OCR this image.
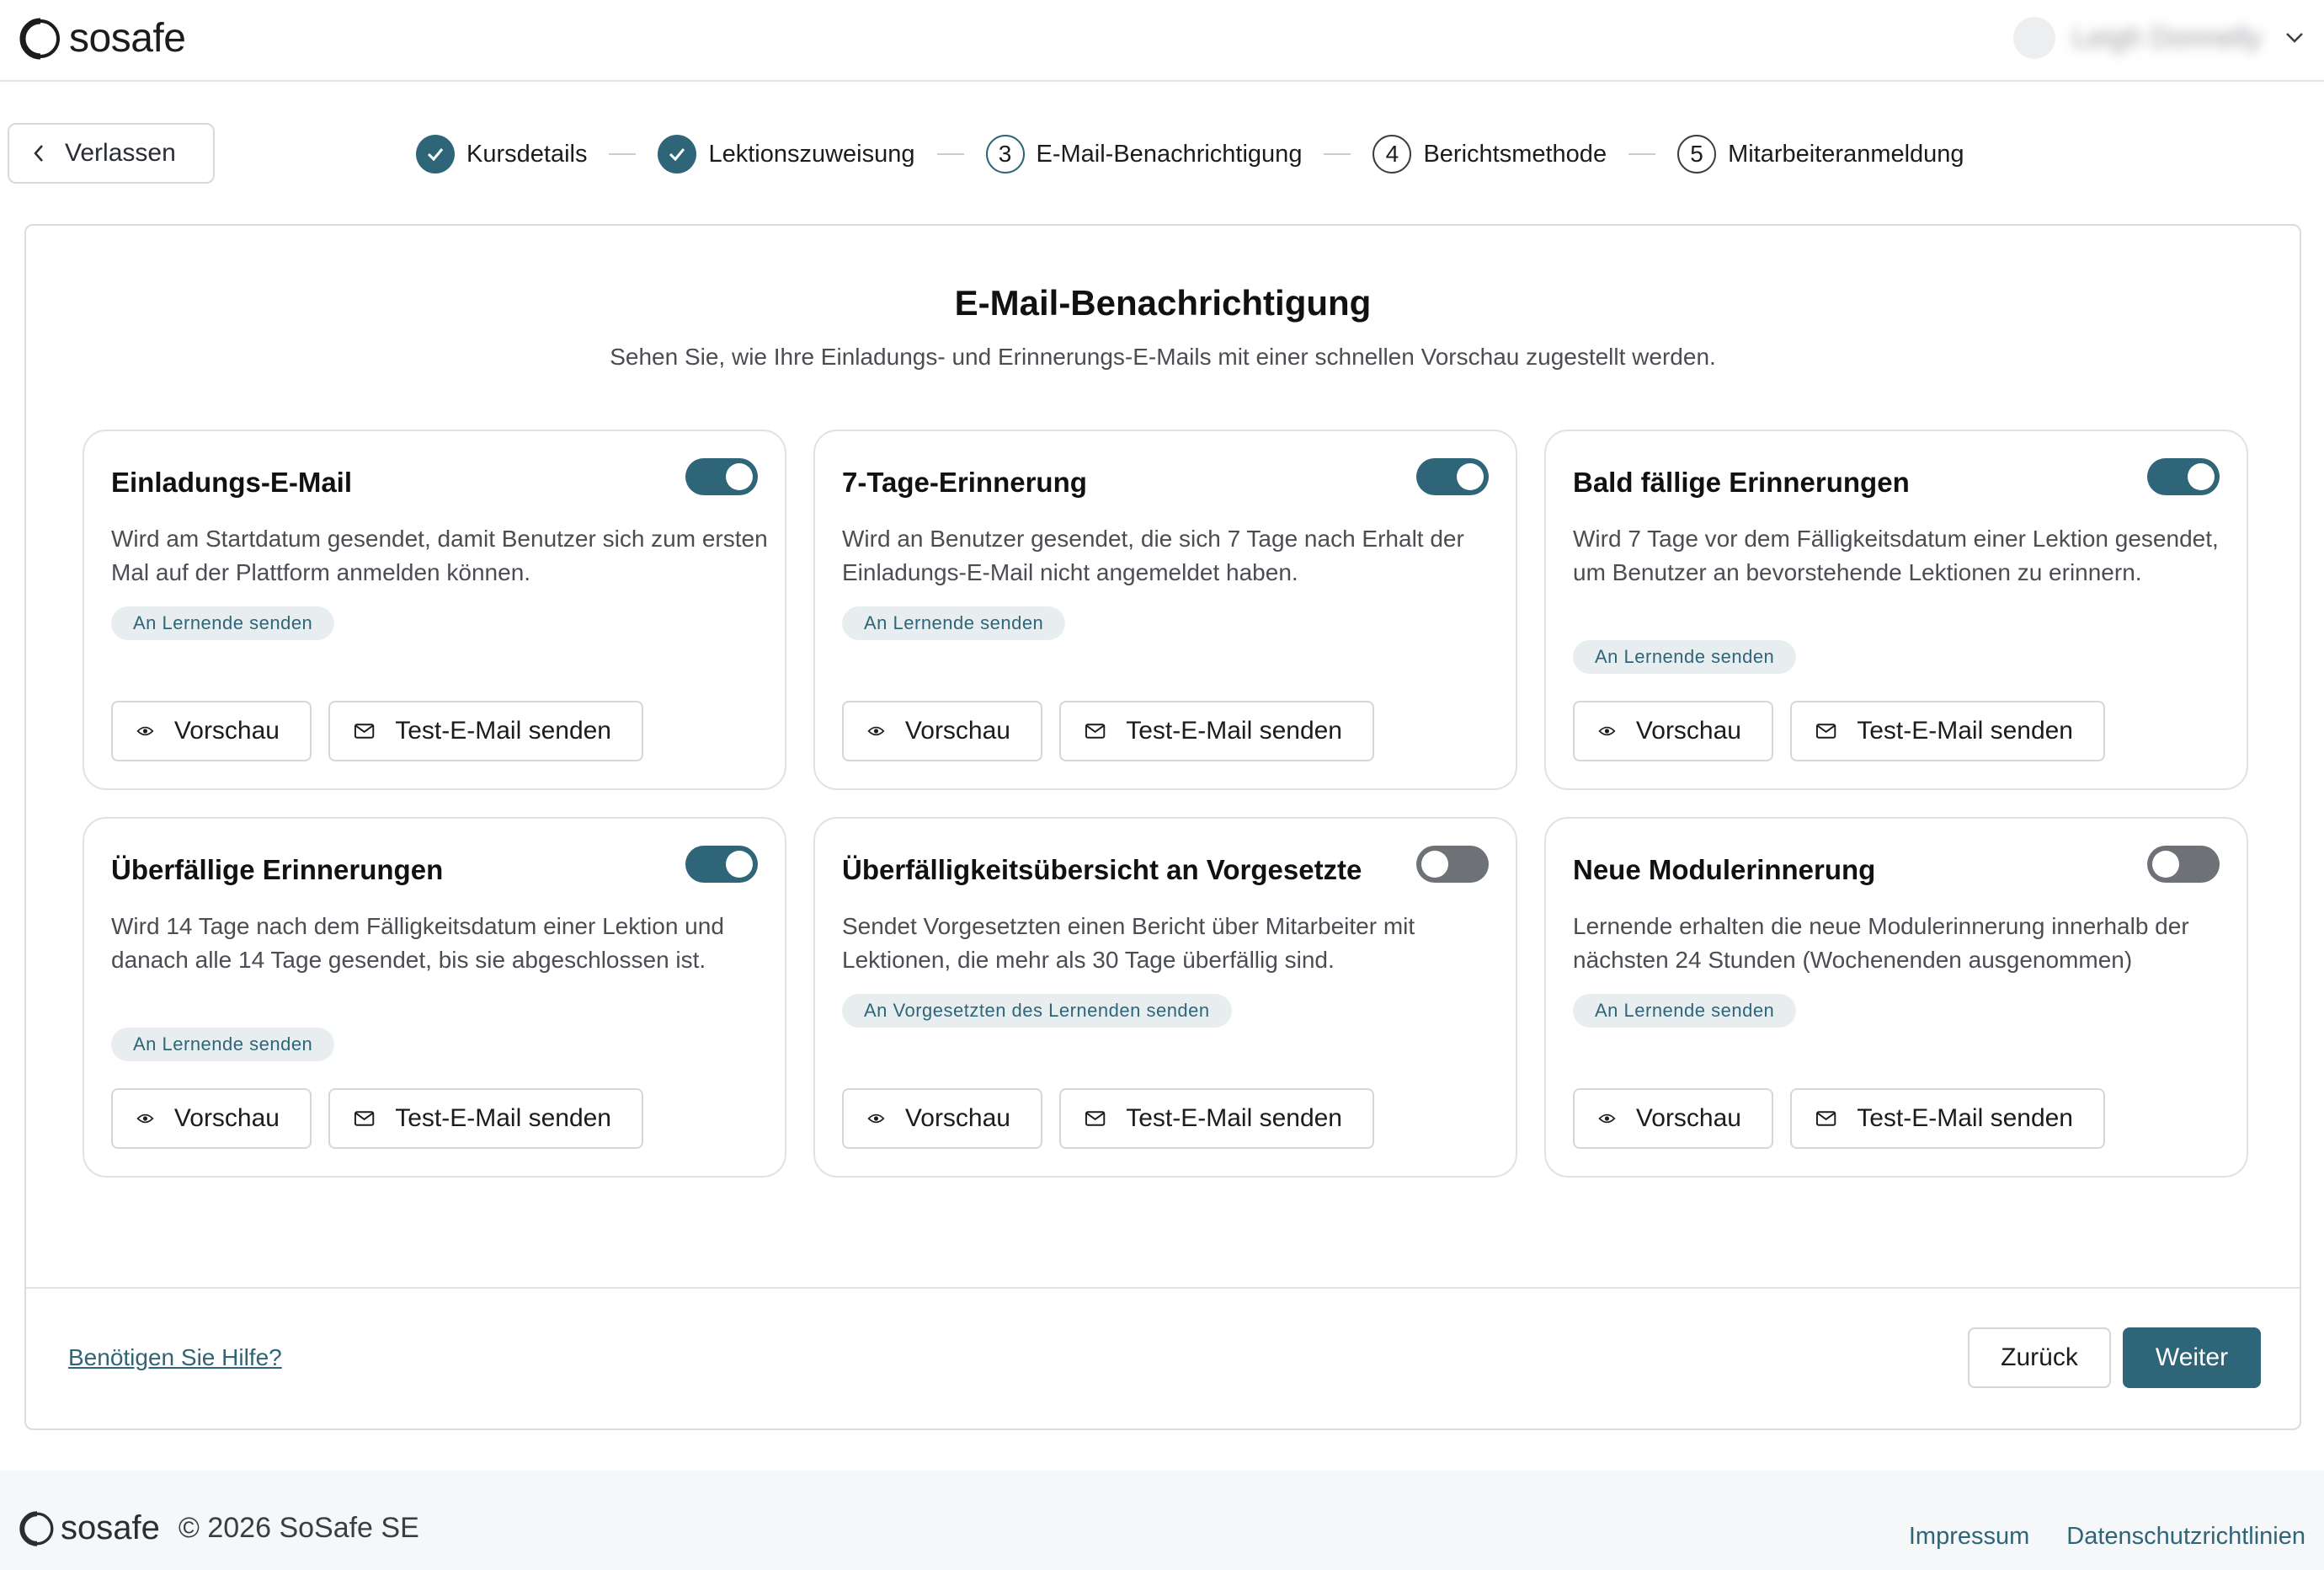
sosafe	Leigh Donnelly
Verlassen	Kursdetails	Lektionszuweisung	3	E-Mail-Benachrichtigung	4	Berichtsmethode	5	Mitarbeiteranmeldung
E-Mail-Benachrichtigung
Sehen Sie, wie Ihre Einladungs- und Erinnerungs-E-Mails mit einer schnellen Vorschau zugestellt werden.
Einladungs-E-Mail
Wird am Startdatum gesendet, damit Benutzer sich zum ersten Mal auf der Plattform anmelden können.
An Lernende senden
Vorschau	Test-E-Mail senden
7-Tage-Erinnerung
Wird an Benutzer gesendet, die sich 7 Tage nach Erhalt der Einladungs-E-Mail nicht angemeldet haben.
An Lernende senden
Vorschau	Test-E-Mail senden
Bald fällige Erinnerungen
Wird 7 Tage vor dem Fälligkeitsdatum einer Lektion gesendet, um Benutzer an bevorstehende Lektionen zu erinnern.
An Lernende senden
Vorschau	Test-E-Mail senden
Überfällige Erinnerungen
Wird 14 Tage nach dem Fälligkeitsdatum einer Lektion und danach alle 14 Tage gesendet, bis sie abgeschlossen ist.
An Lernende senden
Vorschau	Test-E-Mail senden
Überfälligkeitsübersicht an Vorgesetzte
Sendet Vorgesetzten einen Bericht über Mitarbeiter mit Lektionen, die mehr als 30 Tage überfällig sind.
An Vorgesetzten des Lernenden senden
Vorschau	Test-E-Mail senden
Neue Modulerinnerung
Lernende erhalten die neue Modulerinnerung innerhalb der nächsten 24 Stunden (Wochenenden ausgenommen)
An Lernende senden
Vorschau	Test-E-Mail senden
Benötigen Sie Hilfe?	Zurück	Weiter
sosafe © 2026 SoSafe SE	Impressum Datenschutzrichtlinien
